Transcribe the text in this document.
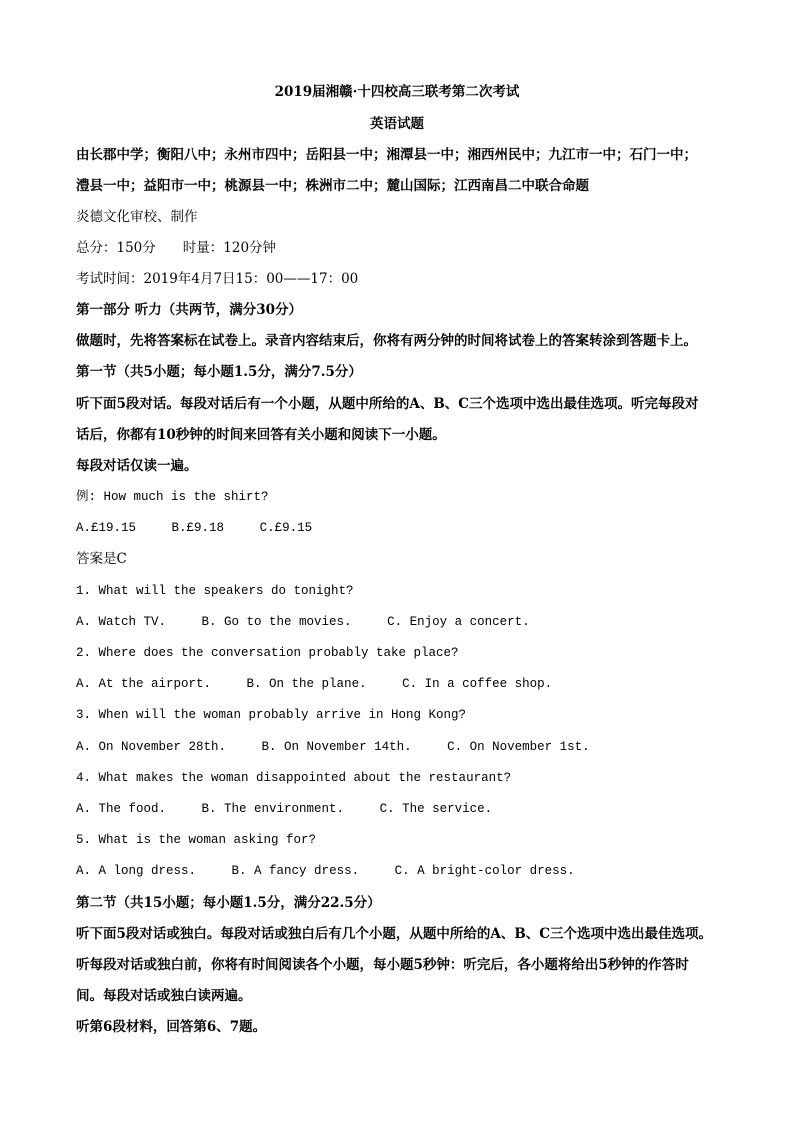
2019届湘赣·十四校高三联考第二次考试
英语试题
由长郡中学；衡阳八中；永州市四中；岳阳县一中；湘潭县一中；湘西州民中；九江市一中；石门一中；
澧县一中；益阳市一中；桃源县一中；株洲市二中；麓山国际；江西南昌二中联合命题
炎德文化审校、制作
总分：150分　　时量：120分钟
考试时间：2019年4月7日15：00——17：00
第一部分 听力（共两节，满分30分）
做题时，先将答案标在试卷上。录音内容结束后，你将有两分钟的时间将试卷上的答案转涂到答题卡上。
第一节（共5小题；每小题1.5分，满分7.5分）
听下面5段对话。每段对话后有一个小题，从题中所给的A、B、C三个选项中选出最佳选项。听完每段对
话后，你都有10秒钟的时间来回答有关小题和阅读下一小题。
每段对话仅读一遍。
例: How much is the shirt?
A.£19.15	B.£9.18	C.£9.15
答案是C
1. What will the speakers do tonight?
A. Watch TV.	B. Go to the movies.	C. Enjoy a concert.
2. Where does the conversation probably take place?
A. At the airport.	B. On the plane.	C. In a coffee shop.
3. When will the woman probably arrive in Hong Kong?
A. On November 28th.	B. On November 14th.	C. On November 1st.
4. What makes the woman disappointed about the restaurant?
A. The food.	B. The environment.	C. The service.
5. What is the woman asking for?
A. A long dress.	B. A fancy dress.	C. A bright-color dress.
第二节（共15小题；每小题1.5分，满分22.5分）
听下面5段对话或独白。每段对话或独白后有几个小题，从题中所给的A、B、C三个选项中选出最佳选项。
听每段对话或独白前，你将有时间阅读各个小题，每小题5秒钟：听完后，各小题将给出5秒钟的作答时
间。每段对话或独白读两遍。
听第6段材料，回答第6、7题。
